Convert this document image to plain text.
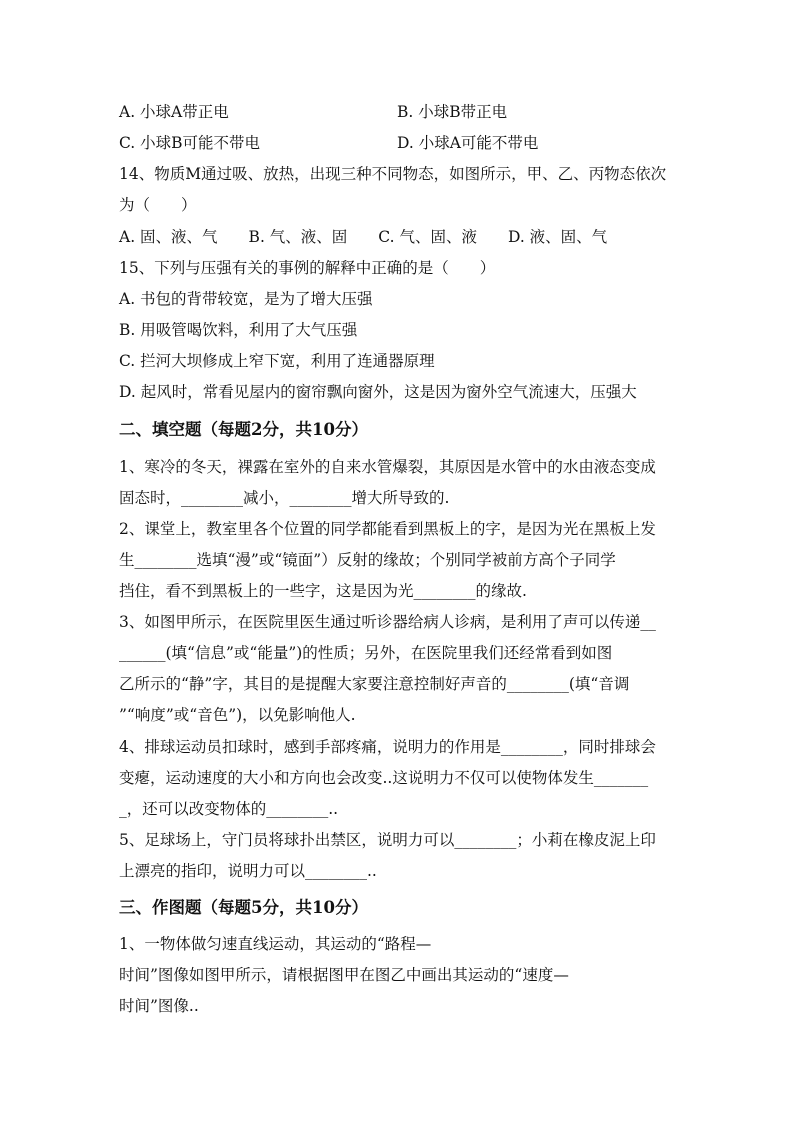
A. 小球A带正电	B. 小球B带正电
C. 小球B可能不带电	D. 小球A可能不带电
14、物质M通过吸、放热，出现三种不同物态，如图所示，甲、乙、丙物态依次
为（　　）
A. 固、液、气　　B. 气、液、固　　C. 气、固、液　　D. 液、固、气
15、下列与压强有关的事例的解释中正确的是（　　）
A. 书包的背带较宽，是为了增大压强
B. 用吸管喝饮料，利用了大气压强
C. 拦河大坝修成上窄下宽，利用了连通器原理
D. 起风时，常看见屋内的窗帘飘向窗外，这是因为窗外空气流速大，压强大
二、填空题（每题2分，共10分）
1、寒冷的冬天，裸露在室外的自来水管爆裂，其原因是水管中的水由液态变成
固态时，________减小，________增大所导致的.
2、课堂上，教室里各个位置的同学都能看到黑板上的字，是因为光在黑板上发
生________选填“漫”或“镜面”）反射的缘故；个别同学被前方高个子同学
挡住，看不到黑板上的一些字，这是因为光________的缘故.
3、如图甲所示，在医院里医生通过听诊器给病人诊病，是利用了声可以传递__
______(填“信息”或“能量”)的性质；另外，在医院里我们还经常看到如图
乙所示的“静”字，其目的是提醒大家要注意控制好声音的________(填“音调
”“响度”或“音色”)，以免影响他人.
4、排球运动员扣球时，感到手部疼痛，说明力的作用是________，同时排球会
变瘪，运动速度的大小和方向也会改变..这说明力不仅可以使物体发生_______
_，还可以改变物体的________..
5、足球场上，守门员将球扑出禁区，说明力可以________；小莉在橡皮泥上印
上漂亮的指印，说明力可以________..
三、作图题（每题5分，共10分）
1、一物体做匀速直线运动，其运动的“路程—
时间”图像如图甲所示，请根据图甲在图乙中画出其运动的“速度—
时间”图像..
